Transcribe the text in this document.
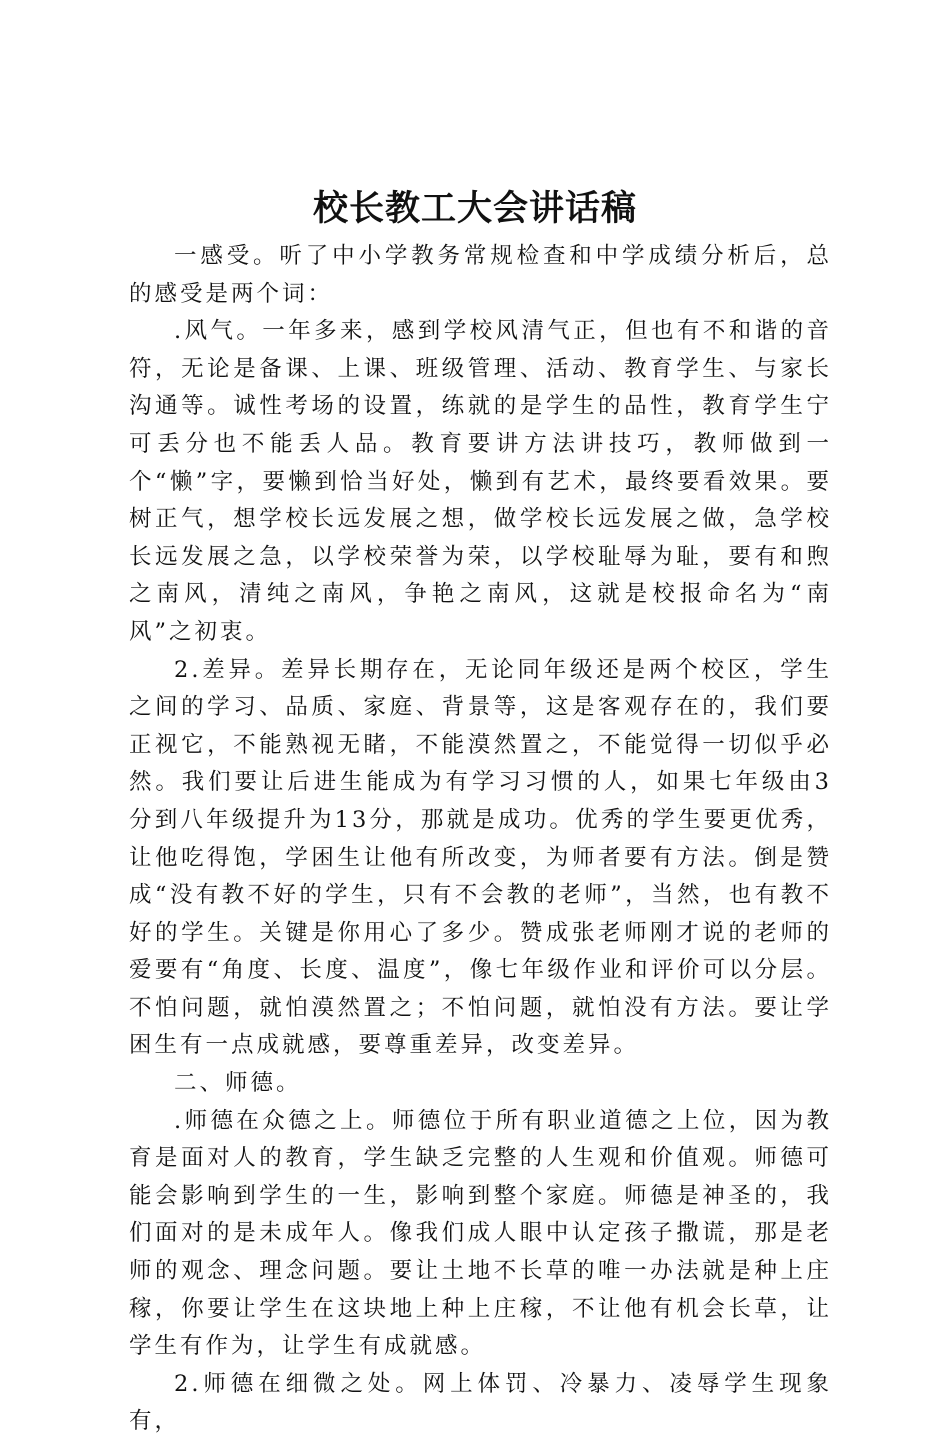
校长教工大会讲话稿

一感受。听了中小学教务常规检查和中学成绩分析后，总的感受是两个词：

.风气。一年多来，感到学校风清气正，但也有不和谐的音符，无论是备课、上课、班级管理、活动、教育学生、与家长沟通等。诚性考场的设置，练就的是学生的品性，教育学生宁可丢分也不能丢人品。教育要讲方法讲技巧，教师做到一个“懒”字，要懒到恰当好处，懒到有艺术，最终要看效果。要树正气，想学校长远发展之想，做学校长远发展之做，急学校长远发展之急，以学校荣誉为荣，以学校耻辱为耻，要有和煦之南风，清纯之南风，争艳之南风，这就是校报命名为“南风”之初衷。

2.差异。差异长期存在，无论同年级还是两个校区，学生之间的学习、品质、家庭、背景等，这是客观存在的，我们要正视它，不能熟视无睹，不能漠然置之，不能觉得一切似乎必然。我们要让后进生能成为有学习习惯的人，如果七年级由3分到八年级提升为13分，那就是成功。优秀的学生要更优秀，让他吃得饱，学困生让他有所改变，为师者要有方法。倒是赞成“没有教不好的学生，只有不会教的老师”，当然，也有教不好的学生。关键是你用心了多少。赞成张老师刚才说的老师的爱要有“角度、长度、温度”，像七年级作业和评价可以分层。不怕问题，就怕漠然置之；不怕问题，就怕没有方法。要让学困生有一点成就感，要尊重差异，改变差异。

二、师德。

.师德在众德之上。师德位于所有职业道德之上位，因为教育是面对人的教育，学生缺乏完整的人生观和价值观。师德可能会影响到学生的一生，影响到整个家庭。师德是神圣的，我们面对的是未成年人。像我们成人眼中认定孩子撒谎，那是老师的观念、理念问题。要让土地不长草的唯一办法就是种上庄稼，你要让学生在这块地上种上庄稼，不让他有机会长草，让学生有作为，让学生有成就感。

2.师德在细微之处。网上体罚、冷暴力、凌辱学生现象有，
